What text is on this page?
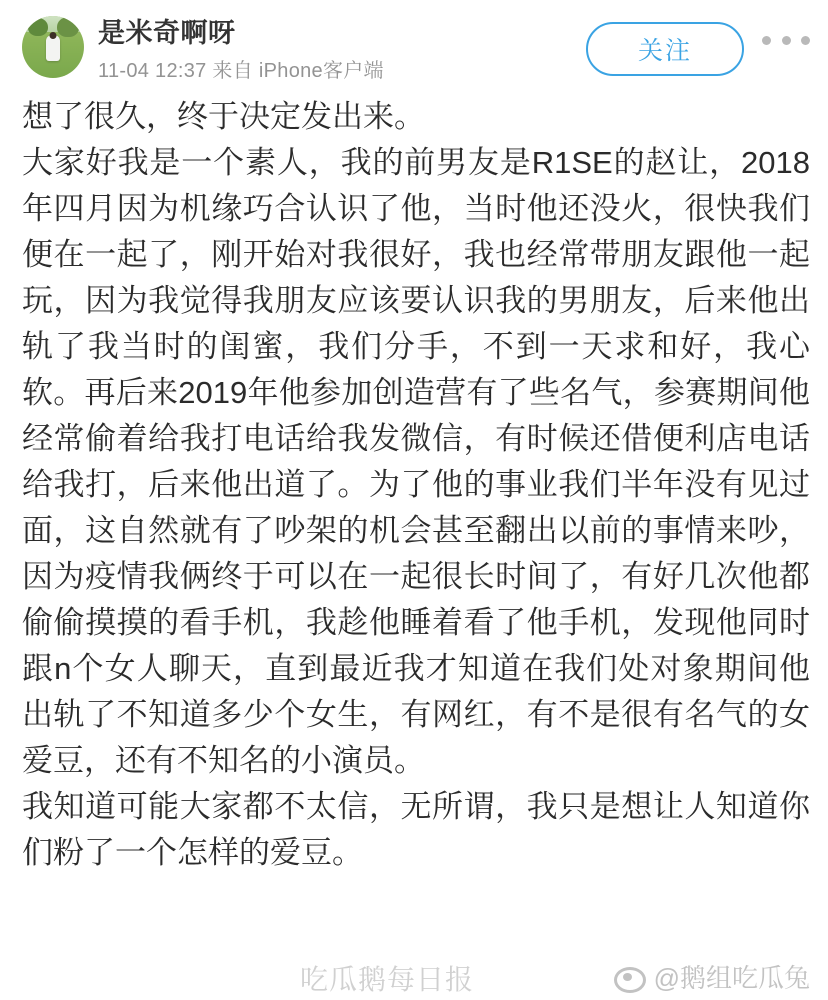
是米奇啊呀
11-04 12:37 来自 iPhone客户端
关注

想了很久，终于决定发出来。

大家好我是一个素人，我的前男友是R1SE的赵让，2018年四月因为机缘巧合认识了他，当时他还没火，很快我们便在一起了，刚开始对我很好，我也经常带朋友跟他一起玩，因为我觉得我朋友应该要认识我的男朋友，后来他出轨了我当时的闺蜜，我们分手，不到一天求和好，我心软。再后来2019年他参加创造营有了些名气，参赛期间他经常偷着给我打电话给我发微信，有时候还借便利店电话给我打，后来他出道了。为了他的事业我们半年没有见过面，这自然就有了吵架的机会甚至翻出以前的事情来吵，因为疫情我俩终于可以在一起很长时间了，有好几次他都偷偷摸摸的看手机，我趁他睡着看了他手机，发现他同时跟n个女人聊天，直到最近我才知道在我们处对象期间他出轨了不知道多少个女生，有网红，有不是很有名气的女爱豆，还有不知名的小演员。

我知道可能大家都不太信，无所谓，我只是想让人知道你们粉了一个怎样的爱豆。

吃瓜鹅每日报	@鹅组吃瓜兔
